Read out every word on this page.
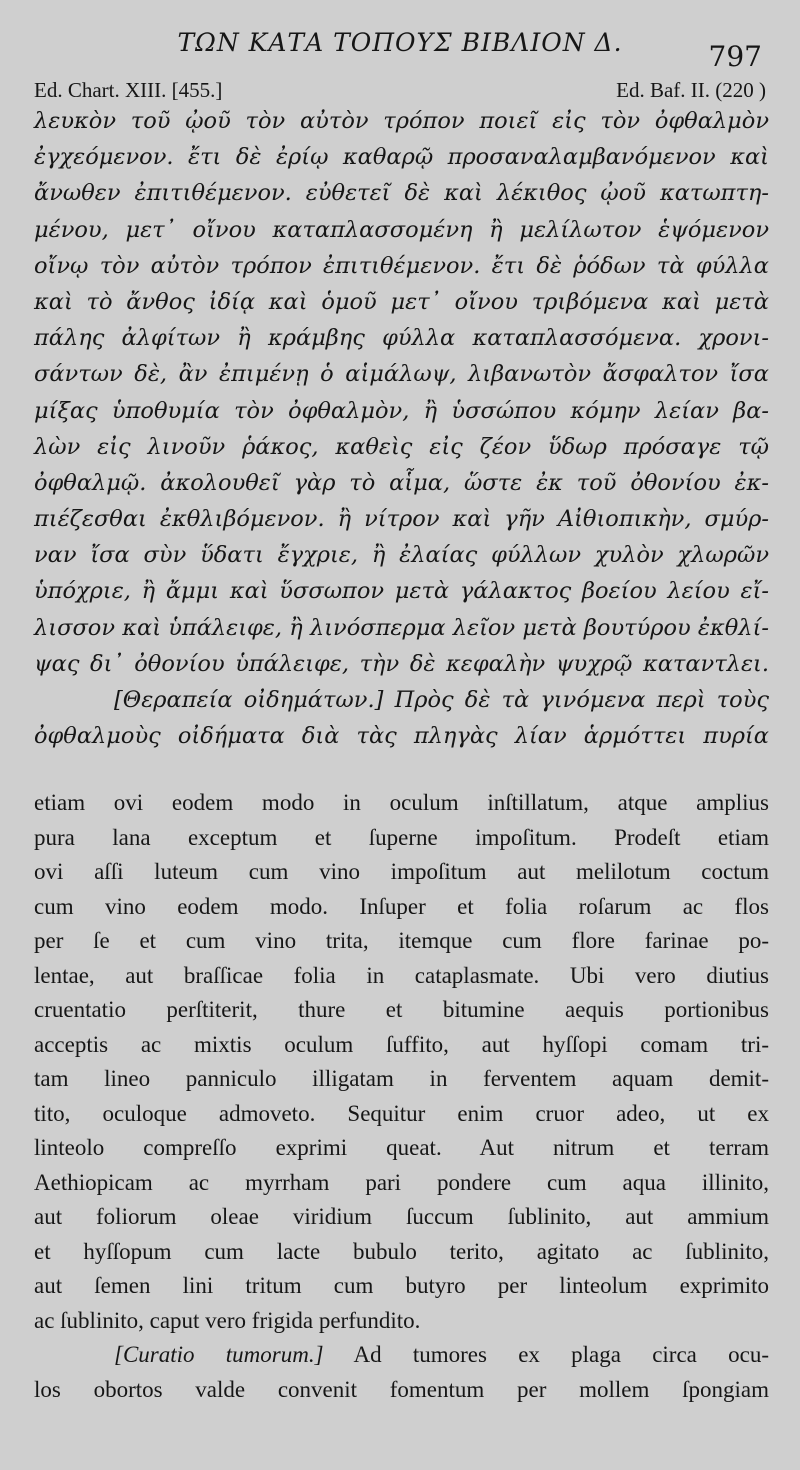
ΤΩΝ ΚΑΤΑ ΤΟΠΟΥΣ ΒΙΒΛΙΟΝ Δ.	797
Ed. Chart. XIII. [455.]	Ed. Baf. II. (220 )
λευκὸν τοῦ ᾠοῦ τὸν αὐτὸν τρόπον ποιεῖ εἰς τὸν ὀφθαλμὸν
ἐγχεόμενον. ἔτι δὲ ἐρίῳ καθαρῷ προσαναλαμβανόμενον καὶ
ἄνωθεν ἐπιτιθέμενον. εὐθετεῖ δὲ καὶ λέκιθος ᾠοῦ κατωπτη-
μένου, μετ᾽ οἴνου καταπλασσομένη ἢ μελίλωτον ἑψόμενον
οἴνῳ τὸν αὐτὸν τρόπον ἐπιτιθέμενον. ἔτι δὲ ῥόδων τὰ φύλλα
καὶ τὸ ἄνθος ἰδίᾳ καὶ ὁμοῦ μετ᾽ οἴνου τριβόμενα καὶ μετὰ
πάλης ἀλφίτων ἢ κράμβης φύλλα καταπλασσόμενα. χρονι-
σάντων δὲ, ἂν ἐπιμένῃ ὁ αἱμάλωψ, λιβανωτὸν ἄσφαλτον ἴσα
μίξας ὑποθυμία τὸν ὀφθαλμὸν, ἢ ὑσσώπου κόμην λείαν βα-
λὼν εἰς λινοῦν ῥάκος, καθεὶς εἰς ζέον ὕδωρ πρόσαγε τῷ
ὀφθαλμῷ. ἀκολουθεῖ γὰρ τὸ αἷμα, ὥστε ἐκ τοῦ ὀθονίου ἐκ-
πιέζεσθαι ἐκθλιβόμενον. ἢ νίτρον καὶ γῆν Αἰθιοπικὴν, σμύρ-
ναν ἴσα σὺν ὕδατι ἔγχριε, ἢ ἐλαίας φύλλων χυλὸν χλωρῶν
ὑπόχριε, ἢ ἄμμι καὶ ὕσσωπον μετὰ γάλακτος βοείου λείου εἴ-
λισσον καὶ ὑπάλειφε, ἢ λινόσπερμα λεῖον μετὰ βουτύρου ἐκθλί-
ψας δι᾽ ὀθονίου ὑπάλειφε, τὴν δὲ κεφαλὴν ψυχρῷ καταντλει.
[Θεραπεία οἰδημάτων.] Πρὸς δὲ τὰ γινόμενα περὶ τοὺς
ὀφθαλμοὺς οἰδήματα διὰ τὰς πληγὰς λίαν ἁρμόττει πυρία
etiam ovi eodem modo in oculum inſtillatum, atque amplius
pura lana exceptum et ſuperne impoſitum. Prodeſt etiam
ovi aſſi luteum cum vino impoſitum aut melilotum coctum
cum vino eodem modo. Inſuper et folia roſarum ac flos
per ſe et cum vino trita, itemque cum flore farinae po-
lentae, aut braſſicae folia in cataplasmate. Ubi vero diutius
cruentatio perſtiterit, thure et bitumine aequis portionibus
acceptis ac mixtis oculum ſuffito, aut hyſſopi comam tri-
tam lineo panniculo illigatam in ferventem aquam demit-
tito, oculoque admoveto. Sequitur enim cruor adeo, ut ex
linteolo compreſſo exprimi queat. Aut nitrum et terram
Aethiopicam ac myrrham pari pondere cum aqua illinito,
aut foliorum oleae viridium ſuccum ſublinito, aut ammium
et hyſſopum cum lacte bubulo terito, agitato ac ſublinito,
aut ſemen lini tritum cum butyro per linteolum exprimito
ac ſublinito, caput vero frigida perfundito.
[Curatio tumorum.] Ad tumores ex plaga circa ocu-
los obortos valde convenit fomentum per mollem ſpongiam
